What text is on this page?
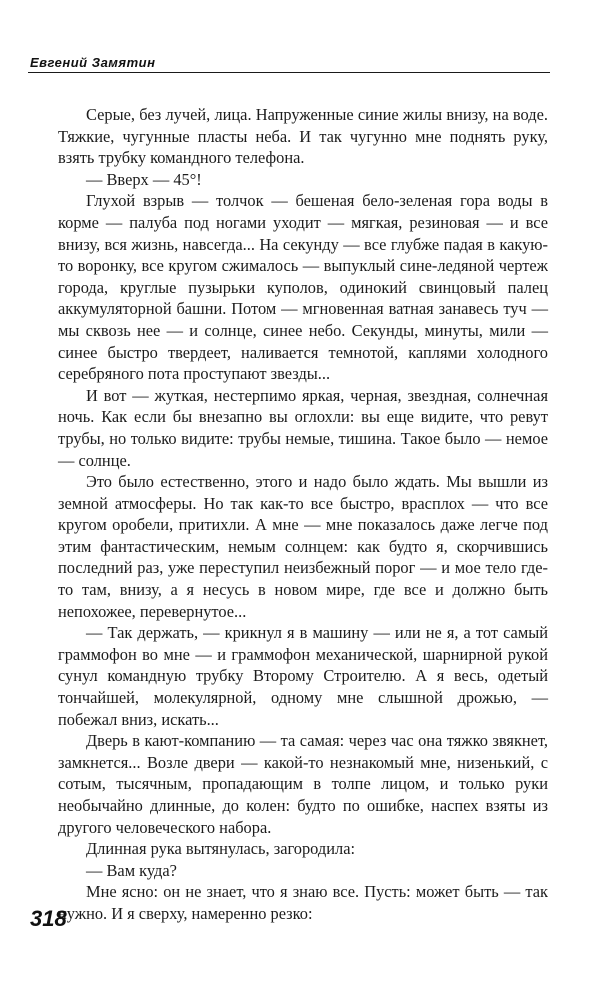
Евгений Замятин

Серые, без лучей, лица. Напруженные синие жилы внизу, на воде. Тяжкие, чугунные пласты неба. И так чугунно мне поднять руку, взять трубку командного телефона.

— Вверх — 45°!

Глухой взрыв — толчок — бешеная бело-зеленая гора воды в корме — палуба под ногами уходит — мягкая, резиновая — и все внизу, вся жизнь, навсегда... На секунду — все глубже падая в какую-то воронку, все кругом сжималось — выпуклый сине-ледяной чертеж города, круглые пузырьки куполов, одинокий свинцовый палец аккумуляторной башни. Потом — мгновенная ватная занавесь туч — мы сквозь нее — и солнце, синее небо. Секунды, минуты, мили — синее быстро твердеет, наливается темнотой, каплями холодного серебряного пота проступают звезды...

И вот — жуткая, нестерпимо яркая, черная, звездная, солнечная ночь. Как если бы внезапно вы оглохли: вы еще видите, что ревут трубы, но только видите: трубы немые, тишина. Такое было — немое — солнце.

Это было естественно, этого и надо было ждать. Мы вышли из земной атмосферы. Но так как-то все быстро, врасплох — что все кругом оробели, притихли. А мне — мне показалось даже легче под этим фантастическим, немым солнцем: как будто я, скорчившись последний раз, уже переступил неизбежный порог — и мое тело где-то там, внизу, а я несусь в новом мире, где все и должно быть непохожее, перевернутое...

— Так держать, — крикнул я в машину — или не я, а тот самый граммофон во мне — и граммофон механической, шарнирной рукой сунул командную трубку Второму Строителю. А я весь, одетый тончайшей, молекулярной, одному мне слышной дрожью, — побежал вниз, искать...

Дверь в кают-компанию — та самая: через час она тяжко звякнет, замкнется... Возле двери — какой-то незнакомый мне, низенький, с сотым, тысячным, пропадающим в толпе лицом, и только руки необычайно длинные, до колен: будто по ошибке, наспех взяты из другого человеческого набора.

Длинная рука вытянулась, загородила:

— Вам куда?

Мне ясно: он не знает, что я знаю все. Пусть: может быть — так нужно. И я сверху, намеренно резко:

318
